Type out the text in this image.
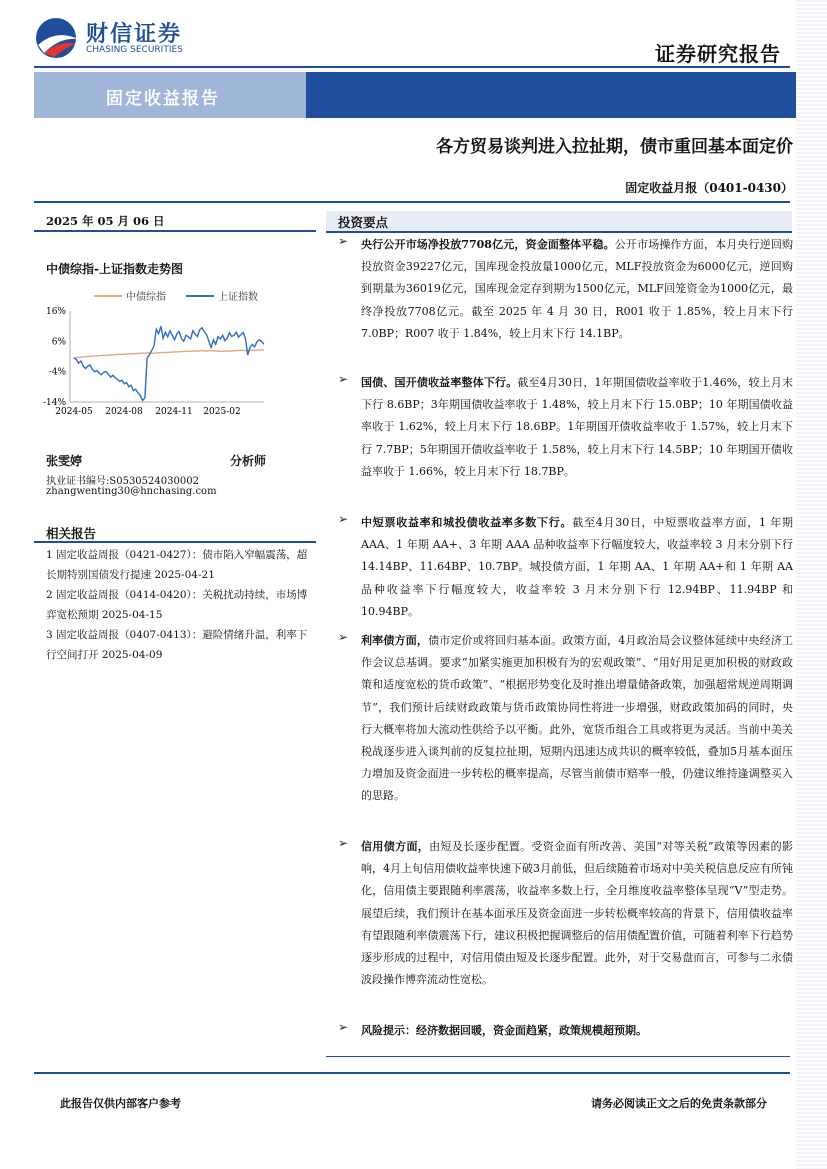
财信证券
CHASING SECURITIES	证券研究报告
固定收益报告
各方贸易谈判进入拉扯期，债市重回基本面定价
固定收益月报（0401-0430）
2025 年 05 月 06 日
中债综指-上证指数走势图
中债综指	上证指数
16%
6%
-4%
-14%
2024-05 2024-08 2024-11 2025-02
张雯婷	分析师
执业证书编号:S0530524030002
zhangwenting30@hnchasing.com
相关报告
1 固定收益周报（0421-0427）：债市陷入窄幅震荡，超长期特别国债发行提速 2025-04-21
2 固定收益周报（0414-0420）：关税扰动持续，市场博弈宽松预期 2025-04-15
3 固定收益周报（0407-0413）：避险情绪升温，利率下行空间打开 2025-04-09
投资要点
➢ 央行公开市场净投放7708亿元，资金面整体平稳。公开市场操作方面，本月央行逆回购投放资金39227亿元，国库现金投放量1000亿元，MLF投放资金为6000亿元，逆回购到期量为36019亿元，国库现金定存到期为1500亿元，MLF回笼资金为1000亿元，最终净投放7708亿元。截至 2025 年 4 月 30 日，R001 收于 1.85%，较上月末下行 7.0BP；R007 收于 1.84%，较上月末下行 14.1BP。
➢ 国债、国开债收益率整体下行。截至4月30日，1年期国债收益率收于1.46%，较上月末下行 8.6BP；3年期国债收益率收于 1.48%，较上月末下行 15.0BP；10 年期国债收益率收于 1.62%，较上月末下行 18.6BP。1年期国开债收益率收于 1.57%，较上月末下行 7.7BP；5年期国开债收益率收于 1.58%，较上月末下行 14.5BP；10 年期国开债收益率收于 1.66%，较上月末下行 18.7BP。
➢ 中短票收益率和城投债收益率多数下行。截至4月30日，中短票收益率方面，1 年期 AAA、1 年期 AA+、3 年期 AAA 品种收益率下行幅度较大，收益率较 3 月末分别下行 14.14BP、11.64BP、10.7BP。城投债方面，1 年期 AA、1 年期 AA+和 1 年期 AA 品种收益率下行幅度较大，收益率较 3 月末分别下行 12.94BP、11.94BP 和 10.94BP。
➢ 利率债方面，债市定价或将回归基本面。政策方面，4月政治局会议整体延续中央经济工作会议总基调。要求“加紧实施更加积极有为的宏观政策”、“用好用足更加积极的财政政策和适度宽松的货币政策”、“根据形势变化及时推出增量储备政策，加强超常规逆周期调节”，我们预计后续财政政策与货币政策协同性将进一步增强，财政政策加码的同时，央行大概率将加大流动性供给予以平衡。此外，宽货币组合工具或将更为灵活。当前中美关税战逐步进入谈判前的反复拉扯期，短期内迅速达成共识的概率较低，叠加5月基本面压力增加及资金面进一步转松的概率提高，尽管当前债市赔率一般，仍建议维持逢调整买入的思路。
➢ 信用债方面，由短及长逐步配置。受资金面有所改善、美国“对等关税”政策等因素的影响，4月上旬信用债收益率快速下破3月前低，但后续随着市场对中美关税信息反应有所钝化，信用债主要跟随利率震荡，收益率多数上行，全月维度收益率整体呈现“V”型走势。展望后续，我们预计在基本面承压及资金面进一步转松概率较高的背景下，信用债收益率有望跟随利率债震荡下行，建议积极把握调整后的信用债配置价值，可随着利率下行趋势逐步形成的过程中，对信用债由短及长逐步配置。此外，对于交易盘而言，可参与二永债波段操作博弈流动性宽松。
➢ 风险提示：经济数据回暖，资金面趋紧，政策规模超预期。
此报告仅供内部客户参考	请务必阅读正文之后的免责条款部分
